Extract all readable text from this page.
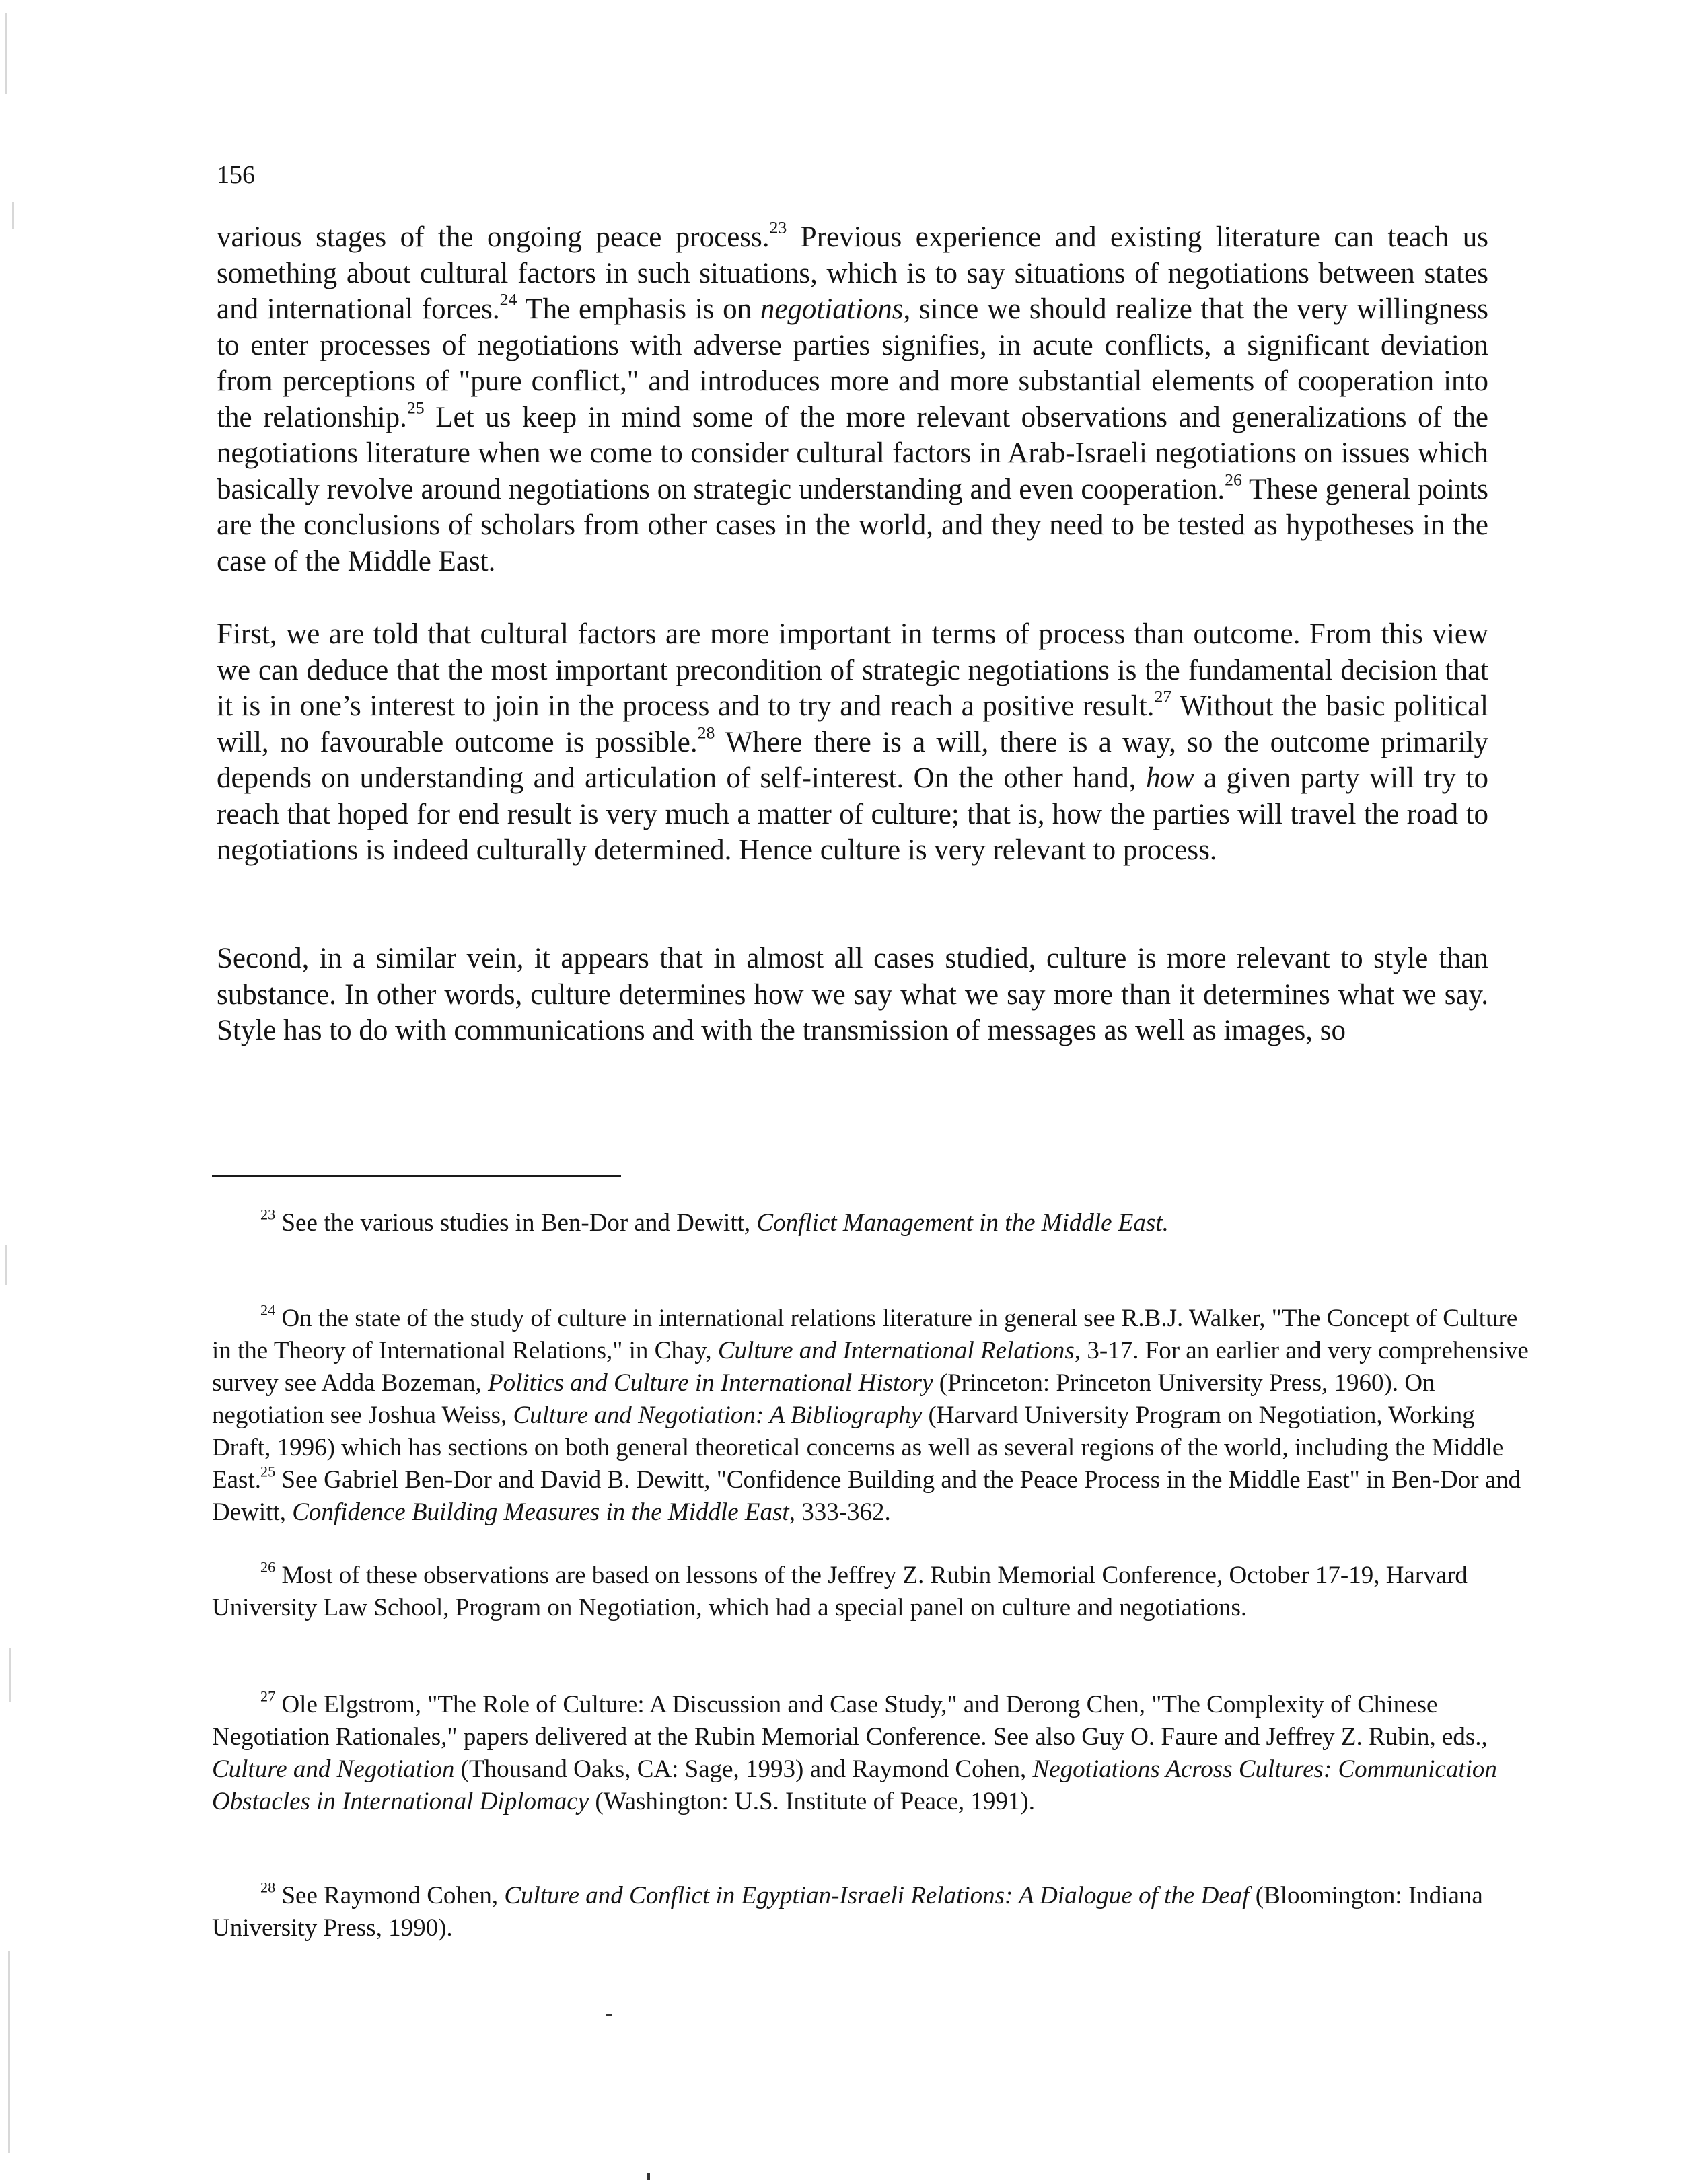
156

various stages of the ongoing peace process.$^{23}$ Previous experience and existing literature can teach us something about cultural factors in such situations, which is to say situations of negotiations between states and international forces.$^{24}$ The emphasis is on negotiations, since we should realize that the very willingness to enter processes of negotiations with adverse parties signifies, in acute conflicts, a significant deviation from perceptions of "pure conflict," and introduces more and more substantial elements of cooperation into the relationship.$^{25}$ Let us keep in mind some of the more relevant observations and generalizations of the negotiations literature when we come to consider cultural factors in Arab-Israeli negotiations on issues which basically revolve around negotiations on strategic understanding and even cooperation.$^{26}$ These general points are the conclusions of scholars from other cases in the world, and they need to be tested as hypotheses in the case of the Middle East.

First, we are told that cultural factors are more important in terms of process than outcome. From this view we can deduce that the most important precondition of strategic negotiations is the fundamental decision that it is in one’s interest to join in the process and to try and reach a positive result.$^{27}$ Without the basic political will, no favourable outcome is possible.$^{28}$ Where there is a will, there is a way, so the outcome primarily depends on understanding and articulation of self-interest. On the other hand, how a given party will try to reach that hoped for end result is very much a matter of culture; that is, how the parties will travel the road to negotiations is indeed culturally determined. Hence culture is very relevant to process.

Second, in a similar vein, it appears that in almost all cases studied, culture is more relevant to style than substance. In other words, culture determines how we say what we say more than it determines what we say. Style has to do with communications and with the transmission of messages as well as images, so

$^{23}$ See the various studies in Ben-Dor and Dewitt, Conflict Management in the Middle East.

$^{24}$ On the state of the study of culture in international relations literature in general see R.B.J. Walker, "The Concept of Culture in the Theory of International Relations," in Chay, Culture and International Relations, 3-17. For an earlier and very comprehensive survey see Adda Bozeman, Politics and Culture in International History (Princeton: Princeton University Press, 1960). On negotiation see Joshua Weiss, Culture and Negotiation: A Bibliography (Harvard University Program on Negotiation, Working Draft, 1996) which has sections on both general theoretical concerns as well as several regions of the world, including the Middle East. $^{25}$ See Gabriel Ben-Dor and David B. Dewitt, "Confidence Building and the Peace Process in the Middle East" in Ben-Dor and Dewitt, Confidence Building Measures in the Middle East, 333-362.

$^{26}$ Most of these observations are based on lessons of the Jeffrey Z. Rubin Memorial Conference, October 17-19, Harvard University Law School, Program on Negotiation, which had a special panel on culture and negotiations.

$^{27}$ Ole Elgstrom, "The Role of Culture: A Discussion and Case Study," and Derong Chen, "The Complexity of Chinese Negotiation Rationales," papers delivered at the Rubin Memorial Conference. See also Guy O. Faure and Jeffrey Z. Rubin, eds., Culture and Negotiation (Thousand Oaks, CA: Sage, 1993) and Raymond Cohen, Negotiations Across Cultures: Communication Obstacles in International Diplomacy (Washington: U.S. Institute of Peace, 1991).

$^{28}$ See Raymond Cohen, Culture and Conflict in Egyptian-Israeli Relations: A Dialogue of the Deaf (Bloomington: Indiana University Press, 1990).
